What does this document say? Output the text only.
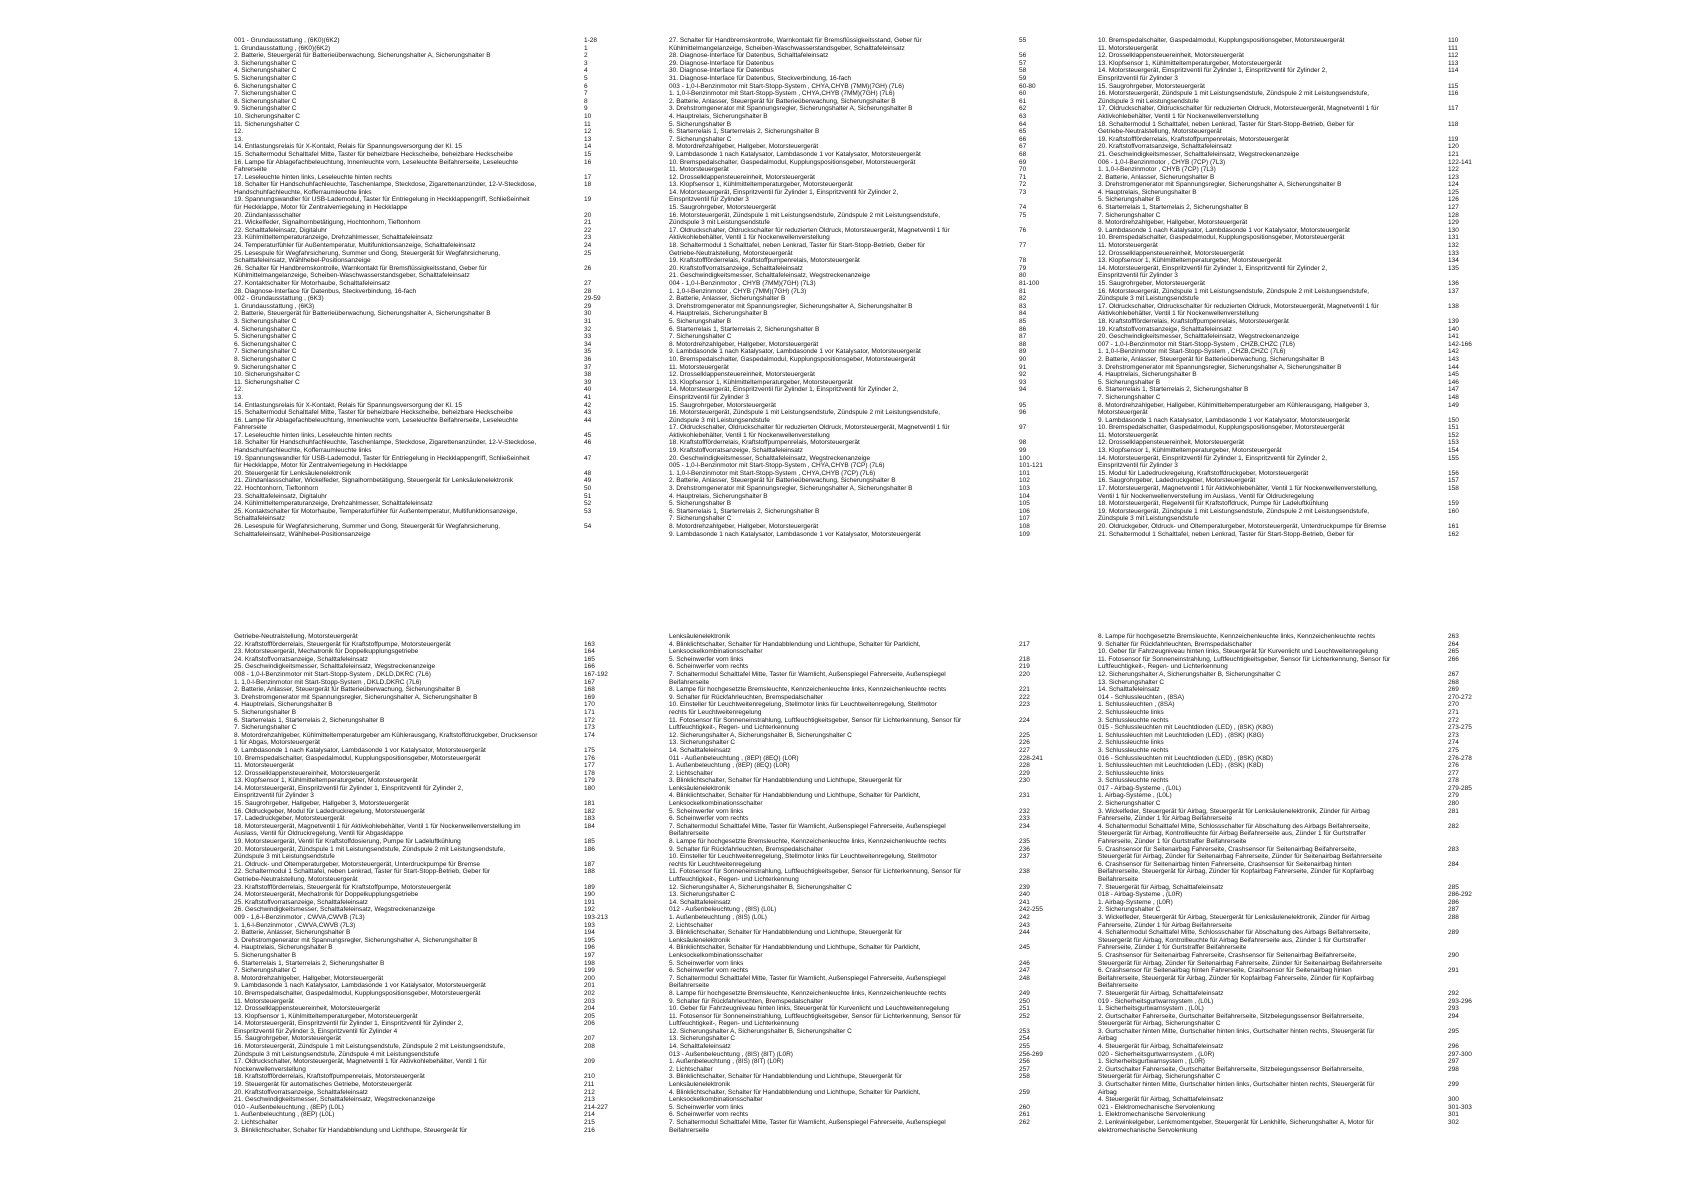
001 - Grundausstattung , (6K0)(6K2)	1-28
1. Grundausstattung , (6K0)(6K2)	1
2. Batterie, Steuergerät für Batterieüberwachung, Sicherungshalter A, Sicherungshalter B	2
3. Sicherungshalter C	3
4. Sicherungshalter C	4
5. Sicherungshalter C	5
6. Sicherungshalter C	6
7. Sicherungshalter C	7
8. Sicherungshalter C	8
9. Sicherungshalter C	9
10. Sicherungshalter C	10
11. Sicherungshalter C	11
12.	12
13.	13
14. Entlastungsrelais für X-Kontakt, Relais für Spannungsversorgung der Kl. 15	14
15. Schaltermodul Schalttafel Mitte, Taster für beheizbare Heckscheibe, beheizbare Heckscheibe	15
16. Lampe für Ablagefachbeleuchtung, Innenleuchte vorn, Leseleuchte Beifahrerseite, Leseleuchte	16
Fahrerseite
17. Leseleuchte hinten links, Leseleuchte hinten rechts	17
18. Schalter für Handschuhfachleuchte, Taschenlampe, Steckdose, Zigarettenanzünder, 12-V-Steckdose,	18
Handschuhfachleuchte, Kofferraumleuchte links
19. Spannungswandler für USB-Lademodul, Taster für Entriegelung in Heckklappengriff, Schließeinheit	19
für Heckklappe, Motor für Zentralverriegelung in Heckklappe
20. Zündanlassschalter	20
21. Wickelfeder, Signalhornbetätigung, Hochtonhorn, Tieftonhorn	21
22. Schalttafeleinsatz, Digitaluhr	22
23. Kühlmitteltemperaturanzeige, Drehzahlmesser, Schalttafeleinsatz	23
24. Temperaturfühler für Außentemperatur, Multifunktionsanzeige, Schalttafeleinsatz	24
25. Lesespule für Wegfahrsicherung, Summer und Gong, Steuergerät für Wegfahrsicherung,	25
Schalttafeleinsatz, Wählhebel-Positionsanzeige
26. Schalter für Handbremskontrolle, Warnkontakt für Bremsflüssigkeitsstand, Geber für	26
Kühlmittelmangelanzeige, Scheiben-Waschwasserstandsgeber, Schalttafeleinsatz
27. Kontaktschalter für Motorhaube, Schalttafeleinsatz	27
28. Diagnose-Interface für Datenbus, Steckverbindung, 16-fach	28
002 - Grundausstattung , (6K3)	29-59
1. Grundausstattung , (6K3)	29
2. Batterie, Steuergerät für Batterieüberwachung, Sicherungshalter A, Sicherungshalter B	30
3. Sicherungshalter C	31
4. Sicherungshalter C	32
5. Sicherungshalter C	33
6. Sicherungshalter C	34
7. Sicherungshalter C	35
8. Sicherungshalter C	36
9. Sicherungshalter C	37
10. Sicherungshalter C	38
11. Sicherungshalter C	39
12.	40
13.	41
14. Entlastungsrelais für X-Kontakt, Relais für Spannungsversorgung der Kl. 15	42
15. Schaltermodul Schalttafel Mitte, Taster für beheizbare Heckscheibe, beheizbare Heckscheibe	43
16. Lampe für Ablagefachbeleuchtung, Innenleuchte vorn, Leseleuchte Beifahrerseite, Leseleuchte	44
Fahrerseite
17. Leseleuchte hinten links, Leseleuchte hinten rechts	45
18. Schalter für Handschuhfachleuchte, Taschenlampe, Steckdose, Zigarettenanzünder, 12-V-Steckdose,	46
Handschuhfachleuchte, Kofferraumleuchte links
19. Spannungswandler für USB-Lademodul, Taster für Entriegelung in Heckklappengriff, Schließeinheit	47
für Heckklappe, Motor für Zentralverriegelung in Heckklappe
20. Steuergerät für Lenksäulenelektronik	48
21. Zündanlassschalter, Wickelfeder, Signalhornbetätigung, Steuergerät für Lenksäulenelektronik	49
22. Hochtonhorn, Tieftonhorn	50
23. Schalttafeleinsatz, Digitaluhr	51
24. Kühlmitteltemperaturanzeige, Drehzahlmesser, Schalttafeleinsatz	52
25. Kontaktschalter für Motorhaube, Temperaturfühler für Außentemperatur, Multifunktionsanzeige,	53
Schalttafeleinsatz
26. Lesespule für Wegfahrsicherung, Summer und Gong, Steuergerät für Wegfahrsicherung,	54
Schalttafeleinsatz, Wählhebel-Positionsanzeige
27. Schalter für Handbremskontrolle, Warnkontakt für Bremsflüssigkeitsstand, Geber für	55
Kühlmittelmangelanzeige, Scheiben-Waschwasserstandsgeber, Schalttafeleinsatz
28. Diagnose-Interface für Datenbus, Schalttafeleinsatz	56
29. Diagnose-Interface für Datenbus	57
30. Diagnose-Interface für Datenbus	58
31. Diagnose-Interface für Datenbus, Steckverbindung, 16-fach	59
003 - 1,0-l-Benzinmotor mit Start-Stopp-System , CHYA,CHYB (7MM)(7GH) (7L6)	60-80
1. 1,0-l-Benzinmotor mit Start-Stopp-System , CHYA,CHYB (7MM)(7GH) (7L6)	60
2. Batterie, Anlasser, Steuergerät für Batterieüberwachung, Sicherungshalter B	61
3. Drehstromgenerator mit Spannungsregler, Sicherungshalter A, Sicherungshalter B	62
4. Hauptrelais, Sicherungshalter B	63
5. Sicherungshalter B	64
6. Starterrelais 1, Starterrelais 2, Sicherungshalter B	65
7. Sicherungshalter C	66
8. Motordrehzahlgeber, Hallgeber, Motorsteuergerät	67
9. Lambdasonde 1 nach Katalysator, Lambdasonde 1 vor Katalysator, Motorsteuergerät	68
10. Bremspedalschalter, Gaspedalmodul, Kupplungspositionsgeber, Motorsteuergerät	69
11. Motorsteuergerät	70
12. Drosselklappensteuereinheit, Motorsteuergerät	71
13. Klopfsensor 1, Kühlmitteltemperaturgeber, Motorsteuergerät	72
14. Motorsteuergerät, Einspritzventil für Zylinder 1, Einspritzventil für Zylinder 2,	73
Einspritzventil für Zylinder 3
15. Saugrohrgeber, Motorsteuergerät	74
16. Motorsteuergerät, Zündspule 1 mit Leistungsendstufe, Zündspule 2 mit Leistungsendstufe,	75
Zündspule 3 mit Leistungsendstufe
17. Öldruckschalter, Öldruckschalter für reduzierten Öldruck, Motorsteuergerät, Magnetventil 1 für	76
Aktivkohlebehälter, Ventil 1 für Nockenwellenverstellung
18. Schaltermodul 1 Schalttafel, neben Lenkrad, Taster für Start-Stopp-Betrieb, Geber für	77
Getriebe-Neutralstellung, Motorsteuergerät
19. Kraftstoffförderrelais, Kraftstoffpumpenrelais, Motorsteuergerät	78
20. Kraftstoffvorratsanzeige, Schalttafeleinsatz	79
21. Geschwindigkeitsmesser, Schalttafeleinsatz, Wegstreckenanzeige	80
004 - 1,0-l-Benzinmotor , CHYB (7MM)(7GH) (7L3)	81-100
1. 1,0-l-Benzinmotor , CHYB (7MM)(7GH) (7L3)	81
2. Batterie, Anlasser, Sicherungshalter B	82
3. Drehstromgenerator mit Spannungsregler, Sicherungshalter A, Sicherungshalter B	83
4. Hauptrelais, Sicherungshalter B	84
5. Sicherungshalter B	85
6. Starterrelais 1, Starterrelais 2, Sicherungshalter B	86
7. Sicherungshalter C	87
8. Motordrehzahlgeber, Hallgeber, Motorsteuergerät	88
9. Lambdasonde 1 nach Katalysator, Lambdasonde 1 vor Katalysator, Motorsteuergerät	89
10. Bremspedalschalter, Gaspedalmodul, Kupplungspositionsgeber, Motorsteuergerät	90
11. Motorsteuergerät	91
12. Drosselklappensteuereinheit, Motorsteuergerät	92
13. Klopfsensor 1, Kühlmitteltemperaturgeber, Motorsteuergerät	93
14. Motorsteuergerät, Einspritzventil für Zylinder 1, Einspritzventil für Zylinder 2,	94
Einspritzventil für Zylinder 3
15. Saugrohrgeber, Motorsteuergerät	95
16. Motorsteuergerät, Zündspule 1 mit Leistungsendstufe, Zündspule 2 mit Leistungsendstufe,	96
Zündspule 3 mit Leistungsendstufe
17. Öldruckschalter, Öldruckschalter für reduzierten Öldruck, Motorsteuergerät, Magnetventil 1 für	97
Aktivkohlebehälter, Ventil 1 für Nockenwellenverstellung
18. Kraftstoffförderrelais, Kraftstoffpumpenrelais, Motorsteuergerät	98
19. Kraftstoffvorratsanzeige, Schalttafeleinsatz	99
20. Geschwindigkeitsmesser, Schalttafeleinsatz, Wegstreckenanzeige	100
005 - 1,0-l-Benzinmotor mit Start-Stopp-System , CHYA,CHYB (7CP) (7L6)	101-121
1. 1,0-l-Benzinmotor mit Start-Stopp-System , CHYA,CHYB (7CP) (7L6)	101
2. Batterie, Anlasser, Steuergerät für Batterieüberwachung, Sicherungshalter B	102
3. Drehstromgenerator mit Spannungsregler, Sicherungshalter A, Sicherungshalter B	103
4. Hauptrelais, Sicherungshalter B	104
5. Sicherungshalter B	105
6. Starterrelais 1, Starterrelais 2, Sicherungshalter B	106
7. Sicherungshalter C	107
8. Motordrehzahlgeber, Hallgeber, Motorsteuergerät	108
9. Lambdasonde 1 nach Katalysator, Lambdasonde 1 vor Katalysator, Motorsteuergerät	109
10. Bremspedalschalter, Gaspedalmodul, Kupplungspositionsgeber, Motorsteuergerät	110
11. Motorsteuergerät	111
12. Drosselklappensteuereinheit, Motorsteuergerät	112
13. Klopfsensor 1, Kühlmitteltemperaturgeber, Motorsteuergerät	113
14. Motorsteuergerät, Einspritzventil für Zylinder 1, Einspritzventil für Zylinder 2,	114
Einspritzventil für Zylinder 3
15. Saugrohrgeber, Motorsteuergerät	115
16. Motorsteuergerät, Zündspule 1 mit Leistungsendstufe, Zündspule 2 mit Leistungsendstufe,	116
Zündspule 3 mit Leistungsendstufe
17. Öldruckschalter, Öldruckschalter für reduzierten Öldruck, Motorsteuergerät, Magnetventil 1 für	117
Aktivkohlebehälter, Ventil 1 für Nockenwellenverstellung
18. Schaltermodul 1 Schalttafel, neben Lenkrad, Taster für Start-Stopp-Betrieb, Geber für	118
Getriebe-Neutralstellung, Motorsteuergerät
19. Kraftstoffförderrelais, Kraftstoffpumpenrelais, Motorsteuergerät	119
20. Kraftstoffvorratsanzeige, Schalttafeleinsatz	120
21. Geschwindigkeitsmesser, Schalttafeleinsatz, Wegstreckenanzeige	121
006 - 1,0-l-Benzinmotor , CHYB (7CP) (7L3)	122-141
1. 1,0-l-Benzinmotor , CHYB (7CP) (7L3)	122
2. Batterie, Anlasser, Sicherungshalter B	123
3. Drehstromgenerator mit Spannungsregler, Sicherungshalter A, Sicherungshalter B	124
4. Hauptrelais, Sicherungshalter B	125
5. Sicherungshalter B	126
6. Starterrelais 1, Starterrelais 2, Sicherungshalter B	127
7. Sicherungshalter C	128
8. Motordrehzahlgeber, Hallgeber, Motorsteuergerät	129
9. Lambdasonde 1 nach Katalysator, Lambdasonde 1 vor Katalysator, Motorsteuergerät	130
10. Bremspedalschalter, Gaspedalmodul, Kupplungspositionsgeber, Motorsteuergerät	131
11. Motorsteuergerät	132
12. Drosselklappensteuereinheit, Motorsteuergerät	133
13. Klopfsensor 1, Kühlmitteltemperaturgeber, Motorsteuergerät	134
14. Motorsteuergerät, Einspritzventil für Zylinder 1, Einspritzventil für Zylinder 2,	135
Einspritzventil für Zylinder 3
15. Saugrohrgeber, Motorsteuergerät	136
16. Motorsteuergerät, Zündspule 1 mit Leistungsendstufe, Zündspule 2 mit Leistungsendstufe,	137
Zündspule 3 mit Leistungsendstufe
17. Öldruckschalter, Öldruckschalter für reduzierten Öldruck, Motorsteuergerät, Magnetventil 1 für	138
Aktivkohlebehälter, Ventil 1 für Nockenwellenverstellung
18. Kraftstoffförderrelais, Kraftstoffpumpenrelais, Motorsteuergerät	139
19. Kraftstoffvorratsanzeige, Schalttafeleinsatz	140
20. Geschwindigkeitsmesser, Schalttafeleinsatz, Wegstreckenanzeige	141
007 - 1,0-l-Benzinmotor mit Start-Stopp-System , CHZB,CHZC (7L6)	142-166
1. 1,0-l-Benzinmotor mit Start-Stopp-System , CHZB,CHZC (7L6)	142
2. Batterie, Anlasser, Steuergerät für Batterieüberwachung, Sicherungshalter B	143
3. Drehstromgenerator mit Spannungsregler, Sicherungshalter A, Sicherungshalter B	144
4. Hauptrelais, Sicherungshalter B	145
5. Sicherungshalter B	146
6. Starterrelais 1, Starterrelais 2, Sicherungshalter B	147
7. Sicherungshalter C	148
8. Motordrehzahlgeber, Hallgeber, Kühlmitteltemperaturgeber am Kühlerausgang, Hallgeber 3,	149
Motorsteuergerät
9. Lambdasonde 1 nach Katalysator, Lambdasonde 1 vor Katalysator, Motorsteuergerät	150
10. Bremspedalschalter, Gaspedalmodul, Kupplungspositionsgeber, Motorsteuergerät	151
11. Motorsteuergerät	152
12. Drosselklappensteuereinheit, Motorsteuergerät	153
13. Klopfsensor 1, Kühlmitteltemperaturgeber, Motorsteuergerät	154
14. Motorsteuergerät, Einspritzventil für Zylinder 1, Einspritzventil für Zylinder 2,	155
Einspritzventil für Zylinder 3
15. Modul für Ladedruckregelung, Kraftstoffdruckgeber, Motorsteuergerät	156
16. Saugrohrgeber, Ladedruckgeber, Motorsteuergerät	157
17. Motorsteuergerät, Magnetventil 1 für Aktivkohlebehälter, Ventil 1 für Nockenwellenverstellung,	158
Ventil 1 für Nockenwellenverstellung im Auslass, Ventil für Öldruckregelung
18. Motorsteuergerät, Regelventil für Kraftstoffdruck, Pumpe für Ladeluftkühlung	159
19. Motorsteuergerät, Zündspule 1 mit Leistungsendstufe, Zündspule 2 mit Leistungsendstufe,	160
Zündspule 3 mit Leistungsendstufe
20. Öldruckgeber, Öldruck- und Öltemperaturgeber, Motorsteuergerät, Unterdruckpumpe für Bremse	161
21. Schaltermodul 1 Schalttafel, neben Lenkrad, Taster für Start-Stopp-Betrieb, Geber für	162
Getriebe-Neutralstellung, Motorsteuergerät
22. Kraftstoffförderrelais, Steuergerät für Kraftstoffpumpe, Motorsteuergerät	163
23. Motorsteuergerät, Mechatronik für Doppelkupplungsgetriebe	164
24. Kraftstoffvorratsanzeige, Schalttafeleinsatz	165
25. Geschwindigkeitsmesser, Schalttafeleinsatz, Wegstreckenanzeige	166
008 - 1,0-l-Benzinmotor mit Start-Stopp-System , DKLD,DKRC (7L6)	167-192
1. 1,0-l-Benzinmotor mit Start-Stopp-System , DKLD,DKRC (7L6)	167
2. Batterie, Anlasser, Steuergerät für Batterieüberwachung, Sicherungshalter B	168
3. Drehstromgenerator mit Spannungsregler, Sicherungshalter A, Sicherungshalter B	169
4. Hauptrelais, Sicherungshalter B	170
5. Sicherungshalter B	171
6. Starterrelais 1, Starterrelais 2, Sicherungshalter B	172
7. Sicherungshalter C	173
8. Motordrehzahlgeber, Kühlmitteltemperaturgeber am Kühlerausgang, Kraftstoffdruckgeber, Drucksensor	174
1 für Abgas, Motorsteuergerät
9. Lambdasonde 1 nach Katalysator, Lambdasonde 1 vor Katalysator, Motorsteuergerät	175
10. Bremspedalschalter, Gaspedalmodul, Kupplungspositionsgeber, Motorsteuergerät	176
11. Motorsteuergerät	177
12. Drosselklappensteuereinheit, Motorsteuergerät	178
13. Klopfsensor 1, Kühlmitteltemperaturgeber, Motorsteuergerät	179
14. Motorsteuergerät, Einspritzventil für Zylinder 1, Einspritzventil für Zylinder 2,	180
Einspritzventil für Zylinder 3
15. Saugrohrgeber, Hallgeber, Hallgeber 3, Motorsteuergerät	181
16. Öldruckgeber, Modul für Ladedruckregelung, Motorsteuergerät	182
17. Ladedruckgeber, Motorsteuergerät	183
18. Motorsteuergerät, Magnetventil 1 für Aktivkohlebehälter, Ventil 1 für Nockenwellenverstellung im	184
Auslass, Ventil für Öldruckregelung, Ventil für Abgasklappe
19. Motorsteuergerät, Ventil für Kraftstoffdosierung, Pumpe für Ladeluftkühlung	185
20. Motorsteuergerät, Zündspule 1 mit Leistungsendstufe, Zündspule 2 mit Leistungsendstufe,	186
Zündspule 3 mit Leistungsendstufe
21. Öldruck- und Öltemperaturgeber, Motorsteuergerät, Unterdruckpumpe für Bremse	187
22. Schaltermodul 1 Schalttafel, neben Lenkrad, Taster für Start-Stopp-Betrieb, Geber für	188
Getriebe-Neutralstellung, Motorsteuergerät
23. Kraftstoffförderrelais, Steuergerät für Kraftstoffpumpe, Motorsteuergerät	189
24. Motorsteuergerät, Mechatronik für Doppelkupplungsgetriebe	190
25. Kraftstoffvorratsanzeige, Schalttafeleinsatz	191
26. Geschwindigkeitsmesser, Schalttafeleinsatz, Wegstreckenanzeige	192
009 - 1,6-l-Benzinmotor , CWVA,CWVB (7L3)	193-213
1. 1,6-l-Benzinmotor , CWVA,CWVB (7L3)	193
2. Batterie, Anlasser, Sicherungshalter B	194
3. Drehstromgenerator mit Spannungsregler, Sicherungshalter A, Sicherungshalter B	195
4. Hauptrelais, Sicherungshalter B	196
5. Sicherungshalter B	197
6. Starterrelais 1, Starterrelais 2, Sicherungshalter B	198
7. Sicherungshalter C	199
8. Motordrehzahlgeber, Hallgeber, Motorsteuergerät	200
9. Lambdasonde 1 nach Katalysator, Lambdasonde 1 vor Katalysator, Motorsteuergerät	201
10. Bremspedalschalter, Gaspedalmodul, Kupplungspositionsgeber, Motorsteuergerät	202
11. Motorsteuergerät	203
12. Drosselklappensteuereinheit, Motorsteuergerät	204
13. Klopfsensor 1, Kühlmitteltemperaturgeber, Motorsteuergerät	205
14. Motorsteuergerät, Einspritzventil für Zylinder 1, Einspritzventil für Zylinder 2,	206
Einspritzventil für Zylinder 3, Einspritzventil für Zylinder 4
15. Saugrohrgeber, Motorsteuergerät	207
16. Motorsteuergerät, Zündspule 1 mit Leistungsendstufe, Zündspule 2 mit Leistungsendstufe,	208
Zündspule 3 mit Leistungsendstufe, Zündspule 4 mit Leistungsendstufe
17. Öldruckschalter, Motorsteuergerät, Magnetventil 1 für Aktivkohlebehälter, Ventil 1 für	209
Nockenwellenverstellung
18. Kraftstoffförderrelais, Kraftstoffpumpenrelais, Motorsteuergerät	210
19. Steuergerät für automatisches Getriebe, Motorsteuergerät	211
20. Kraftstoffvorratsanzeige, Schalttafeleinsatz	212
21. Geschwindigkeitsmesser, Schalttafeleinsatz, Wegstreckenanzeige	213
010 - Außenbeleuchtung , (8EP) (L0L)	214-227
1. Außenbeleuchtung , (8EP) (L0L)	214
2. Lichtschalter	215
3. Blinklichtschalter, Schalter für Handabblendung und Lichthupe, Steuergerät für	216
Lenksäulenelektronik
4. Blinklichtschalter, Schalter für Handabblendung und Lichthupe, Schalter für Parklicht,	217
Lenksockelkombinationsschalter
5. Scheinwerfer vorn links	218
6. Scheinwerfer vorn rechts	219
7. Schaltermodul Schalttafel Mitte, Taster für Warnlicht, Außenspiegel Fahrerseite, Außenspiegel	220
Beifahrerseite
8. Lampe für hochgesetzte Bremsleuchte, Kennzeichenleuchte links, Kennzeichenleuchte rechts	221
9. Schalter für Rückfahrleuchten, Bremspedalschalter	222
10. Einsteller für Leuchtweitenregelung, Stellmotor links für Leuchtweitenregelung, Stellmotor	223
rechts für Leuchtweitenregelung
11. Fotosensor für Sonneneinstrahlung, Luftfeuchtigkeitsgeber, Sensor für Lichterkennung, Sensor für	224
Luftfeuchtigkeit-, Regen- und Lichterkennung
12. Sicherungshalter A, Sicherungshalter B, Sicherungshalter C	225
13. Sicherungshalter C	226
14. Schalttafeleinsatz	227
011 - Außenbeleuchtung , (8EP) (8EQ) (L0R)	228-241
1. Außenbeleuchtung , (8EP) (8EQ) (L0R)	228
2. Lichtschalter	229
3. Blinklichtschalter, Schalter für Handabblendung und Lichthupe, Steuergerät für	230
Lenksäulenelektronik
4. Blinklichtschalter, Schalter für Handabblendung und Lichthupe, Schalter für Parklicht,	231
Lenksockelkombinationsschalter
5. Scheinwerfer vorn links	232
6. Scheinwerfer vorn rechts	233
7. Schaltermodul Schalttafel Mitte, Taster für Warnlicht, Außenspiegel Fahrerseite, Außenspiegel	234
Beifahrerseite
8. Lampe für hochgesetzte Bremsleuchte, Kennzeichenleuchte links, Kennzeichenleuchte rechts	235
9. Schalter für Rückfahrleuchten, Bremspedalschalter	236
10. Einsteller für Leuchtweitenregelung, Stellmotor links für Leuchtweitenregelung, Stellmotor	237
rechts für Leuchtweitenregelung
11. Fotosensor für Sonneneinstrahlung, Luftfeuchtigkeitsgeber, Sensor für Lichterkennung, Sensor für	238
Luftfeuchtigkeit-, Regen- und Lichterkennung
12. Sicherungshalter A, Sicherungshalter B, Sicherungshalter C	239
13. Sicherungshalter C	240
14. Schalttafeleinsatz	241
012 - Außenbeleuchtung , (8IS) (L0L)	242-255
1. Außenbeleuchtung , (8IS) (L0L)	242
2. Lichtschalter	243
3. Blinklichtschalter, Schalter für Handabblendung und Lichthupe, Steuergerät für	244
Lenksäulenelektronik
4. Blinklichtschalter, Schalter für Handabblendung und Lichthupe, Schalter für Parklicht,	245
Lenksockelkombinationsschalter
5. Scheinwerfer vorn links	246
6. Scheinwerfer vorn rechts	247
7. Schaltermodul Schalttafel Mitte, Taster für Warnlicht, Außenspiegel Fahrerseite, Außenspiegel	248
Beifahrerseite
8. Lampe für hochgesetzte Bremsleuchte, Kennzeichenleuchte links, Kennzeichenleuchte rechts	249
9. Schalter für Rückfahrleuchten, Bremspedalschalter	250
10. Geber für Fahrzeugniveau hinten links, Steuergerät für Kurvenlicht und Leuchtweitenregelung	251
11. Fotosensor für Sonneneinstrahlung, Luftfeuchtigkeitsgeber, Sensor für Lichterkennung, Sensor für	252
Luftfeuchtigkeit-, Regen- und Lichterkennung
12. Sicherungshalter A, Sicherungshalter B, Sicherungshalter C	253
13. Sicherungshalter C	254
14. Schalttafeleinsatz	255
013 - Außenbeleuchtung , (8IS) (8IT) (L0R)	256-269
1. Außenbeleuchtung , (8IS) (8IT) (L0R)	256
2. Lichtschalter	257
3. Blinklichtschalter, Schalter für Handabblendung und Lichthupe, Steuergerät für	258
Lenksäulenelektronik
4. Blinklichtschalter, Schalter für Handabblendung und Lichthupe, Schalter für Parklicht,	259
Lenksockelkombinationsschalter
5. Scheinwerfer vorn links	260
6. Scheinwerfer vorn rechts	261
7. Schaltermodul Schalttafel Mitte, Taster für Warnlicht, Außenspiegel Fahrerseite, Außenspiegel	262
Beifahrerseite
8. Lampe für hochgesetzte Bremsleuchte, Kennzeichenleuchte links, Kennzeichenleuchte rechts	263
9. Schalter für Rückfahrleuchten, Bremspedalschalter	264
10. Geber für Fahrzeugniveau hinten links, Steuergerät für Kurvenlicht und Leuchtweitenregelung	265
11. Fotosensor für Sonneneinstrahlung, Luftfeuchtigkeitsgeber, Sensor für Lichterkennung, Sensor für	266
Luftfeuchtigkeit-, Regen- und Lichterkennung
12. Sicherungshalter A, Sicherungshalter B, Sicherungshalter C	267
13. Sicherungshalter C	268
14. Schalttafeleinsatz	269
014 - Schlussleuchten , (8SA)	270-272
1. Schlussleuchten , (8SA)	270
2. Schlussleuchte links	271
3. Schlussleuchte rechts	272
015 - Schlussleuchten mit Leuchtdioden (LED) , (8SK) (K8G)	273-275
1. Schlussleuchten mit Leuchtdioden (LED) , (8SK) (K8G)	273
2. Schlussleuchte links	274
3. Schlussleuchte rechts	275
016 - Schlussleuchten mit Leuchtdioden (LED) , (8SK) (K8D)	276-278
1. Schlussleuchten mit Leuchtdioden (LED) , (8SK) (K8D)	276
2. Schlussleuchte links	277
3. Schlussleuchte rechts	278
017 - Airbag-Systeme , (L0L)	279-285
1. Airbag-Systeme , (L0L)	279
2. Sicherungshalter C	280
3. Wickelfeder, Steuergerät für Airbag, Steuergerät für Lenksäulenelektronik, Zünder für Airbag	281
Fahrerseite, Zünder 1 für Airbag Beifahrerseite
4. Schaltermodul Schalttafel Mitte, Schlossschalter für Abschaltung des Airbags Beifahrerseite,	282
Steuergerät für Airbag, Kontrollleuchte für Airbag Beifahrerseite aus, Zünder 1 für Gurtstraffer
Fahrerseite, Zünder 1 für Gurtstraffer Beifahrerseite
5. Crashsensor für Seitenairbag Fahrerseite, Crashsensor für Seitenairbag Beifahrerseite,	283
Steuergerät für Airbag, Zünder für Seitenairbag Fahrerseite, Zünder für Seitenairbag Beifahrerseite
6. Crashsensor für Seitenairbag hinten Fahrerseite, Crashsensor für Seitenairbag hinten	284
Beifahrerseite, Steuergerät für Airbag, Zünder für Kopfairbag Fahrerseite, Zünder für Kopfairbag
Beifahrerseite
7. Steuergerät für Airbag, Schalttafeleinsatz	285
018 - Airbag-Systeme , (L0R)	286-292
1. Airbag-Systeme , (L0R)	286
2. Sicherungshalter C	287
3. Wickelfeder, Steuergerät für Airbag, Steuergerät für Lenksäulenelektronik, Zünder für Airbag	288
Fahrerseite, Zünder 1 für Airbag Beifahrerseite
4. Schaltermodul Schalttafel Mitte, Schlossschalter für Abschaltung des Airbags Beifahrerseite,	289
Steuergerät für Airbag, Kontrollleuchte für Airbag Beifahrerseite aus, Zünder 1 für Gurtstraffer
Fahrerseite, Zünder 1 für Gurtstraffer Beifahrerseite
5. Crashsensor für Seitenairbag Fahrerseite, Crashsensor für Seitenairbag Beifahrerseite,	290
Steuergerät für Airbag, Zünder für Seitenairbag Fahrerseite, Zünder für Seitenairbag Beifahrerseite
6. Crashsensor für Seitenairbag hinten Fahrerseite, Crashsensor für Seitenairbag hinten	291
Beifahrerseite, Steuergerät für Airbag, Zünder für Kopfairbag Fahrerseite, Zünder für Kopfairbag
Beifahrerseite
7. Steuergerät für Airbag, Schalttafeleinsatz	292
019 - Sicherheitsgurtwarnsystem , (L0L)	293-296
1. Sicherheitsgurtwarnsystem , (L0L)	293
2. Gurtschalter Fahrerseite, Gurtschalter Beifahrerseite, Sitzbelegungssensor Beifahrerseite,	294
Steuergerät für Airbag, Sicherungshalter C
3. Gurtschalter hinten Mitte, Gurtschalter hinten links, Gurtschalter hinten rechts, Steuergerät für	295
Airbag
4. Steuergerät für Airbag, Schalttafeleinsatz	296
020 - Sicherheitsgurtwarnsystem , (L0R)	297-300
1. Sicherheitsgurtwarnsystem , (L0R)	297
2. Gurtschalter Fahrerseite, Gurtschalter Beifahrerseite, Sitzbelegungssensor Beifahrerseite,	298
Steuergerät für Airbag, Sicherungshalter C
3. Gurtschalter hinten Mitte, Gurtschalter hinten links, Gurtschalter hinten rechts, Steuergerät für	299
Airbag
4. Steuergerät für Airbag, Schalttafeleinsatz	300
021 - Elektromechanische Servolenkung	301-303
1. Elektromechanische Servolenkung	301
2. Lenkwinkelgeber, Lenkmomentgeber, Steuergerät für Lenkhilfe, Sicherungshalter A, Motor für	302
elektromechanische Servolenkung
